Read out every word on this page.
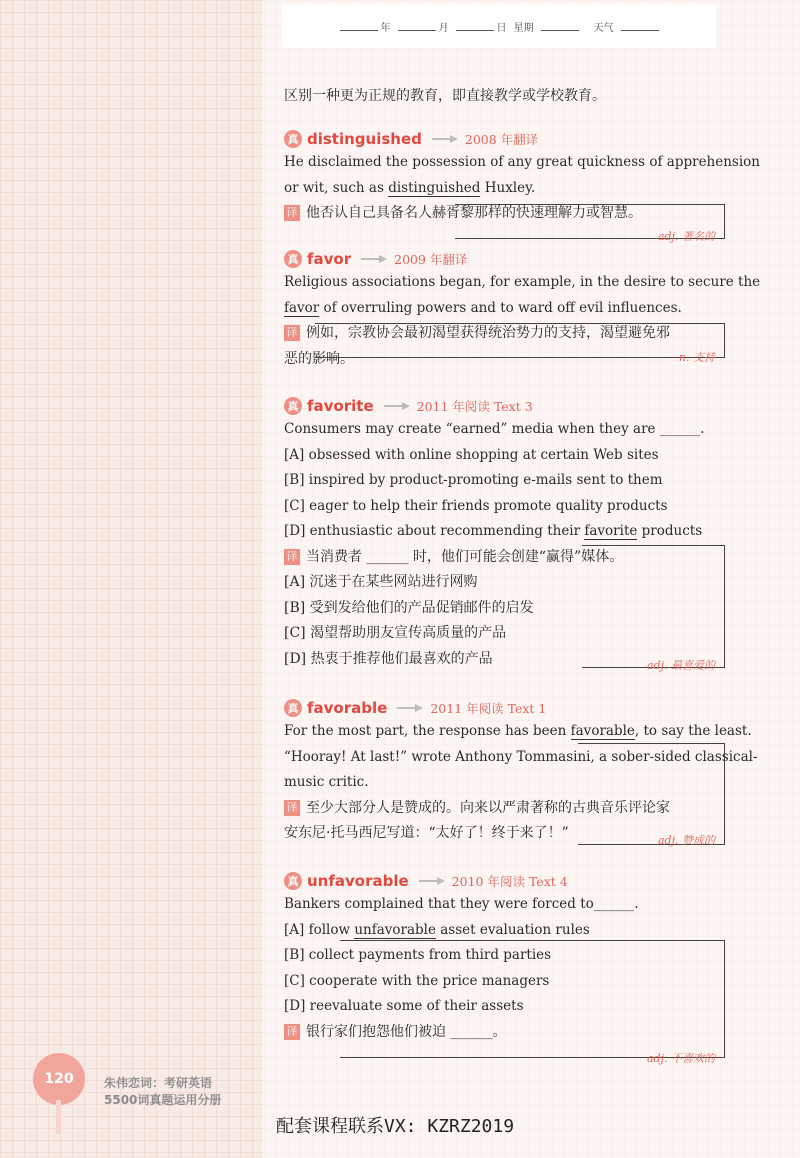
年	月	日 星期	天气
区别一种更为正规的教育，即直接教学或学校教育。
真 distinguished	2008 年翻译
He disclaimed the possession of any great quickness of apprehension
or wit, such as distinguished Huxley.
译 他否认自己具备名人赫胥黎那样的快速理解力或智慧。
adj. 著名的
真 favor	2009 年翻译
Religious associations began, for example, in the desire to secure the
favor of overruling powers and to ward off evil influences.
译 例如，宗教协会最初渴望获得统治势力的支持，渴望避免邪
恶的影响。	n. 支持
真 favorite	2011 年阅读 Text 3
Consumers may create “earned” media when they are ______.
[A] obsessed with online shopping at certain Web sites
[B] inspired by product-promoting e-mails sent to them
[C] eager to help their friends promote quality products
[D] enthusiastic about recommending their favorite products
译 当消费者 ______ 时，他们可能会创建“赢得”媒体。
[A] 沉迷于在某些网站进行网购
[B] 受到发给他们的产品促销邮件的启发
[C] 渴望帮助朋友宣传高质量的产品
[D] 热衷于推荐他们最喜欢的产品	adj. 最喜爱的
真 favorable	2011 年阅读 Text 1
For the most part, the response has been favorable, to say the least.
“Hooray! At last!” wrote Anthony Tommasini, a sober-sided classical-
music critic.
译 至少大部分人是赞成的。向来以严肃著称的古典音乐评论家
安东尼·托马西尼写道：“太好了！终于来了！”	adj. 赞成的
真 unfavorable	2010 年阅读 Text 4
Bankers complained that they were forced to______.
[A] follow unfavorable asset evaluation rules
[B] collect payments from third parties
[C] cooperate with the price managers
[D] reevaluate some of their assets
译 银行家们抱怨他们被迫 ______。
adj. 不喜欢的
120	朱伟恋词：考研英语
5500词真题运用分册
配套课程联系VX: KZRZ2019
